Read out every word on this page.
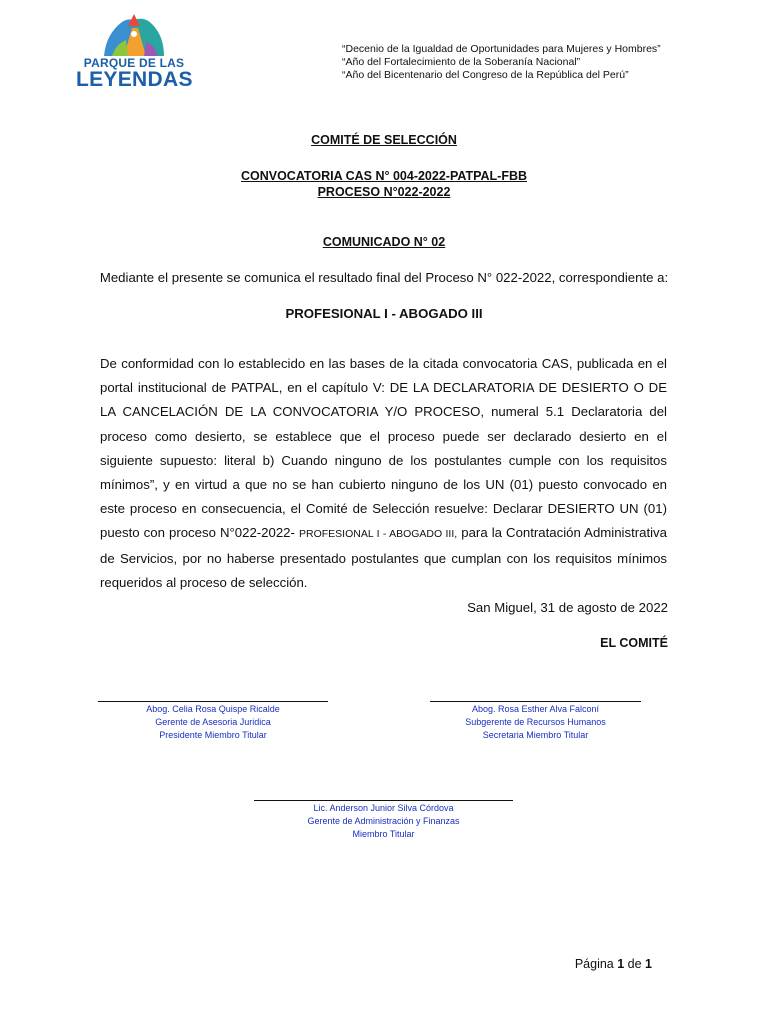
PARQUE DE LAS
LEYENDAS
“Decenio de la Igualdad de Oportunidades para Mujeres y Hombres”
“Año del Fortalecimiento de la Soberanía Nacional”
“Año del Bicentenario del Congreso de la República del Perú”
COMITÉ DE SELECCIÓN
CONVOCATORIA CAS N° 004-2022-PATPAL-FBB
PROCESO N°022-2022
COMUNICADO N° 02
Mediante el presente se comunica el resultado final del Proceso N° 022-2022, correspondiente a:
PROFESIONAL I - ABOGADO III
De conformidad con lo establecido en las bases de la citada convocatoria CAS, publicada en el portal institucional de PATPAL, en el capítulo V: DE LA DECLARATORIA DE DESIERTO O DE LA CANCELACIÓN DE LA CONVOCATORIA Y/O PROCESO, numeral 5.1 Declaratoria del proceso como desierto, se establece que el proceso puede ser declarado desierto en el siguiente supuesto: literal b) Cuando ninguno de los postulantes cumple con los requisitos mínimos”, y en virtud a que no se han cubierto ninguno de los UN (01) puesto convocado en este proceso en consecuencia, el Comité de Selección resuelve: Declarar DESIERTO UN (01) puesto con proceso N°022-2022- PROFESIONAL I - ABOGADO III, para la Contratación Administrativa de Servicios, por no haberse presentado postulantes que cumplan con los requisitos mínimos requeridos al proceso de selección.
San Miguel, 31 de agosto de 2022
EL COMITÉ
Abog. Celia Rosa Quispe Ricalde
Gerente de Asesoria Juridica
Presidente Miembro Titular
Abog. Rosa Esther Alva Falconí
Subgerente de Recursos Humanos
Secretaria Miembro Titular
Lic. Anderson Junior Silva Córdova
Gerente de Administración y Finanzas
Miembro Titular
Página 1 de 1
